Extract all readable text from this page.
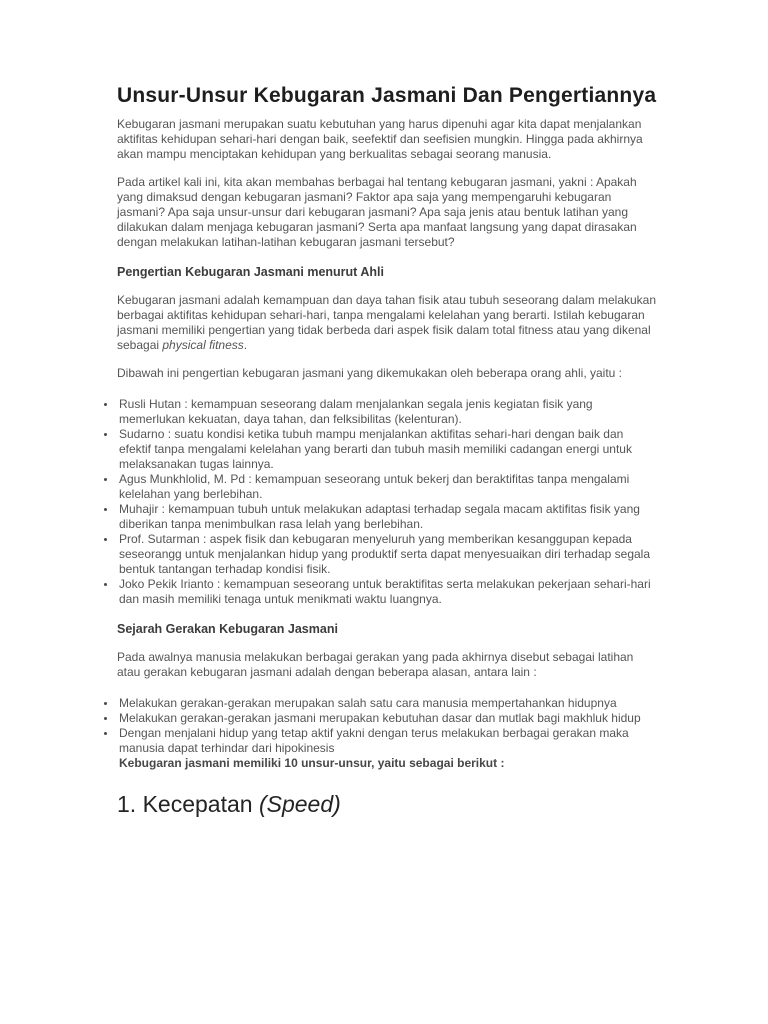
Unsur-Unsur Kebugaran Jasmani Dan Pengertiannya

Kebugaran jasmani merupakan suatu kebutuhan yang harus dipenuhi agar kita dapat menjalankan aktifitas kehidupan sehari-hari dengan baik, seefektif dan seefisien mungkin. Hingga pada akhirnya akan mampu menciptakan kehidupan yang berkualitas sebagai seorang manusia.

Pada artikel kali ini, kita akan membahas berbagai hal tentang kebugaran jasmani, yakni : Apakah yang dimaksud dengan kebugaran jasmani? Faktor apa saja yang mempengaruhi kebugaran jasmani? Apa saja unsur-unsur dari kebugaran jasmani? Apa saja jenis atau bentuk latihan yang dilakukan dalam menjaga kebugaran jasmani? Serta apa manfaat langsung yang dapat dirasakan dengan melakukan latihan-latihan kebugaran jasmani tersebut?

Pengertian Kebugaran Jasmani menurut Ahli

Kebugaran jasmani adalah kemampuan dan daya tahan fisik atau tubuh seseorang dalam melakukan berbagai aktifitas kehidupan sehari-hari, tanpa mengalami kelelahan yang berarti. Istilah kebugaran jasmani memiliki pengertian yang tidak berbeda dari aspek fisik dalam total fitness atau yang dikenal sebagai physical fitness.

Dibawah ini pengertian kebugaran jasmani yang dikemukakan oleh beberapa orang ahli, yaitu :

• Rusli Hutan : kemampuan seseorang dalam menjalankan segala jenis kegiatan fisik yang memerlukan kekuatan, daya tahan, dan felksibilitas (kelenturan).
• Sudarno : suatu kondisi ketika tubuh mampu menjalankan aktifitas sehari-hari dengan baik dan efektif tanpa mengalami kelelahan yang berarti dan tubuh masih memiliki cadangan energi untuk melaksanakan tugas lainnya.
• Agus Munkhlolid, M. Pd : kemampuan seseorang untuk bekerj dan beraktifitas tanpa mengalami kelelahan yang berlebihan.
• Muhajir : kemampuan tubuh untuk melakukan adaptasi terhadap segala macam aktifitas fisik yang diberikan tanpa menimbulkan rasa lelah yang berlebihan.
• Prof. Sutarman : aspek fisik dan kebugaran menyeluruh yang memberikan kesanggupan kepada seseorangg untuk menjalankan hidup yang produktif serta dapat menyesuaikan diri terhadap segala bentuk tantangan terhadap kondisi fisik.
• Joko Pekik Irianto : kemampuan seseorang untuk beraktifitas serta melakukan pekerjaan sehari-hari dan masih memiliki tenaga untuk menikmati waktu luangnya.
Sejarah Gerakan Kebugaran Jasmani

Pada awalnya manusia melakukan berbagai gerakan yang pada akhirnya disebut sebagai latihan atau gerakan kebugaran jasmani adalah dengan beberapa alasan, antara lain :

• Melakukan gerakan-gerakan merupakan salah satu cara manusia mempertahankan hidupnya
• Melakukan gerakan-gerakan jasmani merupakan kebutuhan dasar dan mutlak bagi makhluk hidup
• Dengan menjalani hidup yang tetap aktif yakni dengan terus melakukan berbagai gerakan maka manusia dapat terhindar dari hipokinesis
Kebugaran jasmani memiliki 10 unsur-unsur, yaitu sebagai berikut :
1. Kecepatan (Speed)
